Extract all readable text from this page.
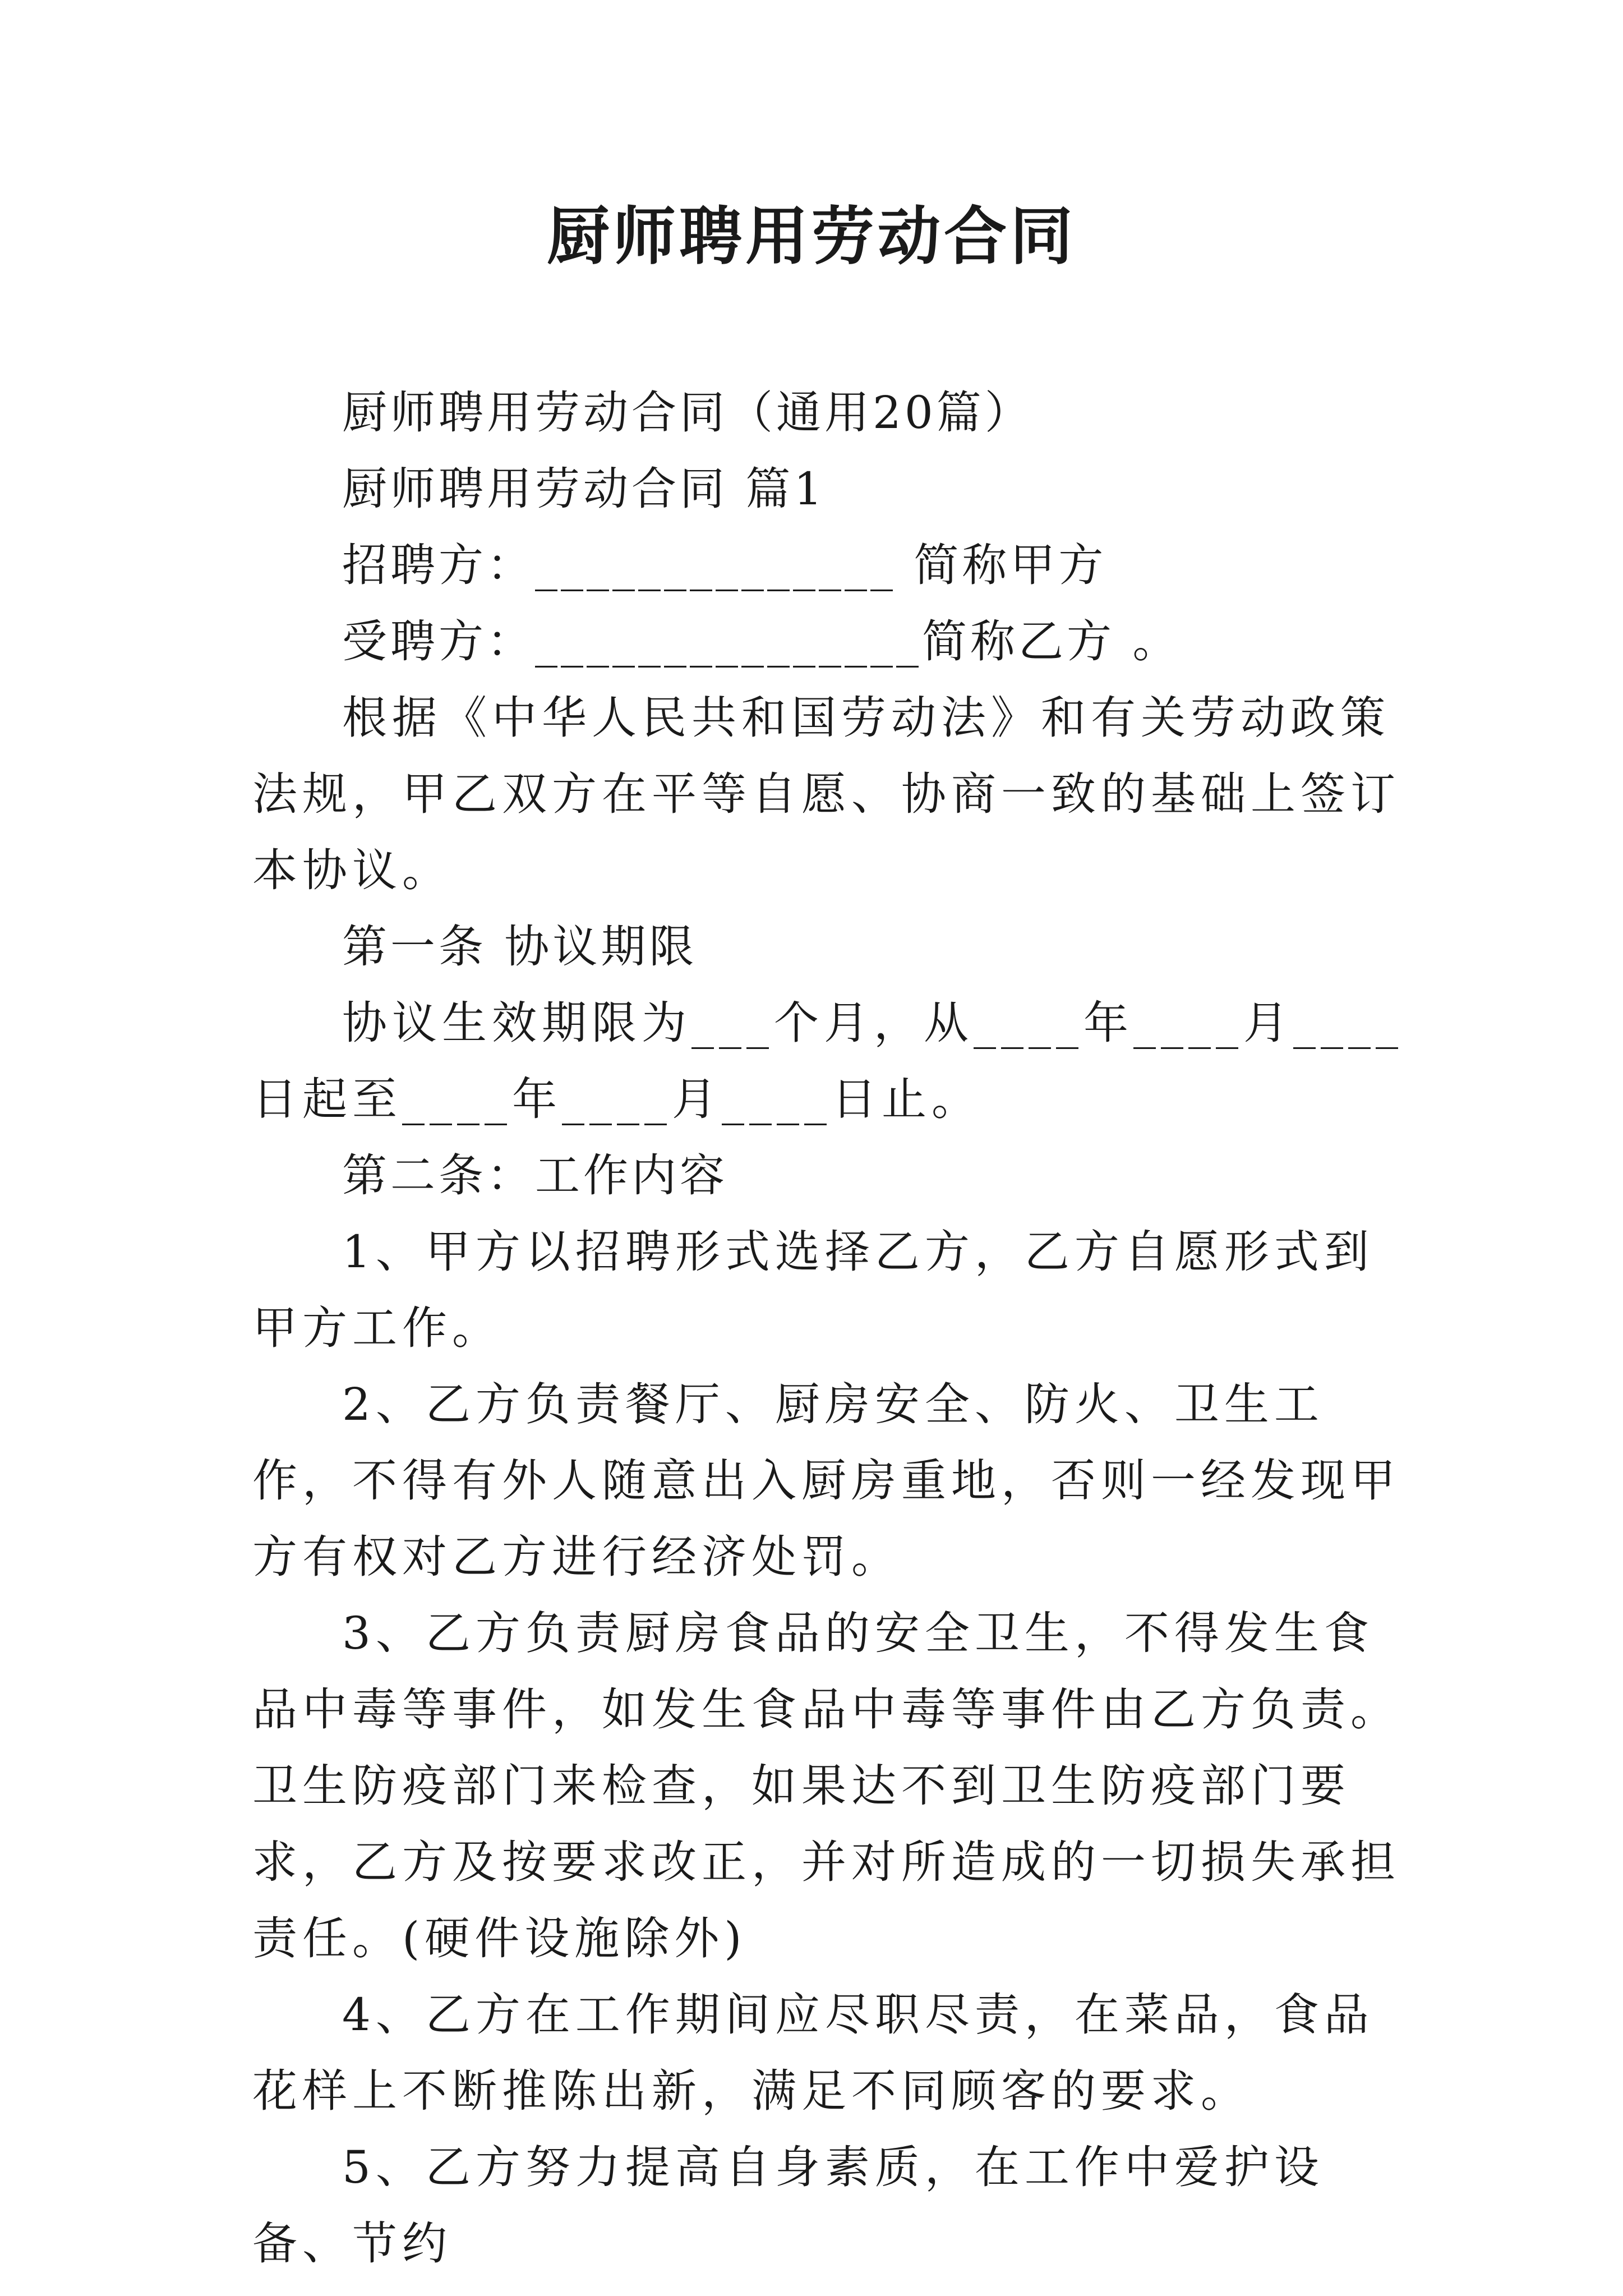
厨师聘用劳动合同

厨师聘用劳动合同（通用20篇）

厨师聘用劳动合同 篇1

招聘方：______________ 简称甲方

受聘方：_______________简称乙方 。

根据《中华人民共和国劳动法》和有关劳动政策法规，甲乙双方在平等自愿、协商一致的基础上签订本协议。

第一条 协议期限

协议生效期限为___个月，从____年____月____日起至____年____月____日止。

第二条：工作内容

1、甲方以招聘形式选择乙方，乙方自愿形式到甲方工作。

2、乙方负责餐厅、厨房安全、防火、卫生工作，不得有外人随意出入厨房重地，否则一经发现甲方有权对乙方进行经济处罚。

3、乙方负责厨房食品的安全卫生，不得发生食品中毒等事件，如发生食品中毒等事件由乙方负责。卫生防疫部门来检查，如果达不到卫生防疫部门要求，乙方及按要求改正，并对所造成的一切损失承担责任。(硬件设施除外)

4、乙方在工作期间应尽职尽责，在菜品，食品花样上不断推陈出新，满足不同顾客的要求。

5、乙方努力提高自身素质，在工作中爱护设备、节约
